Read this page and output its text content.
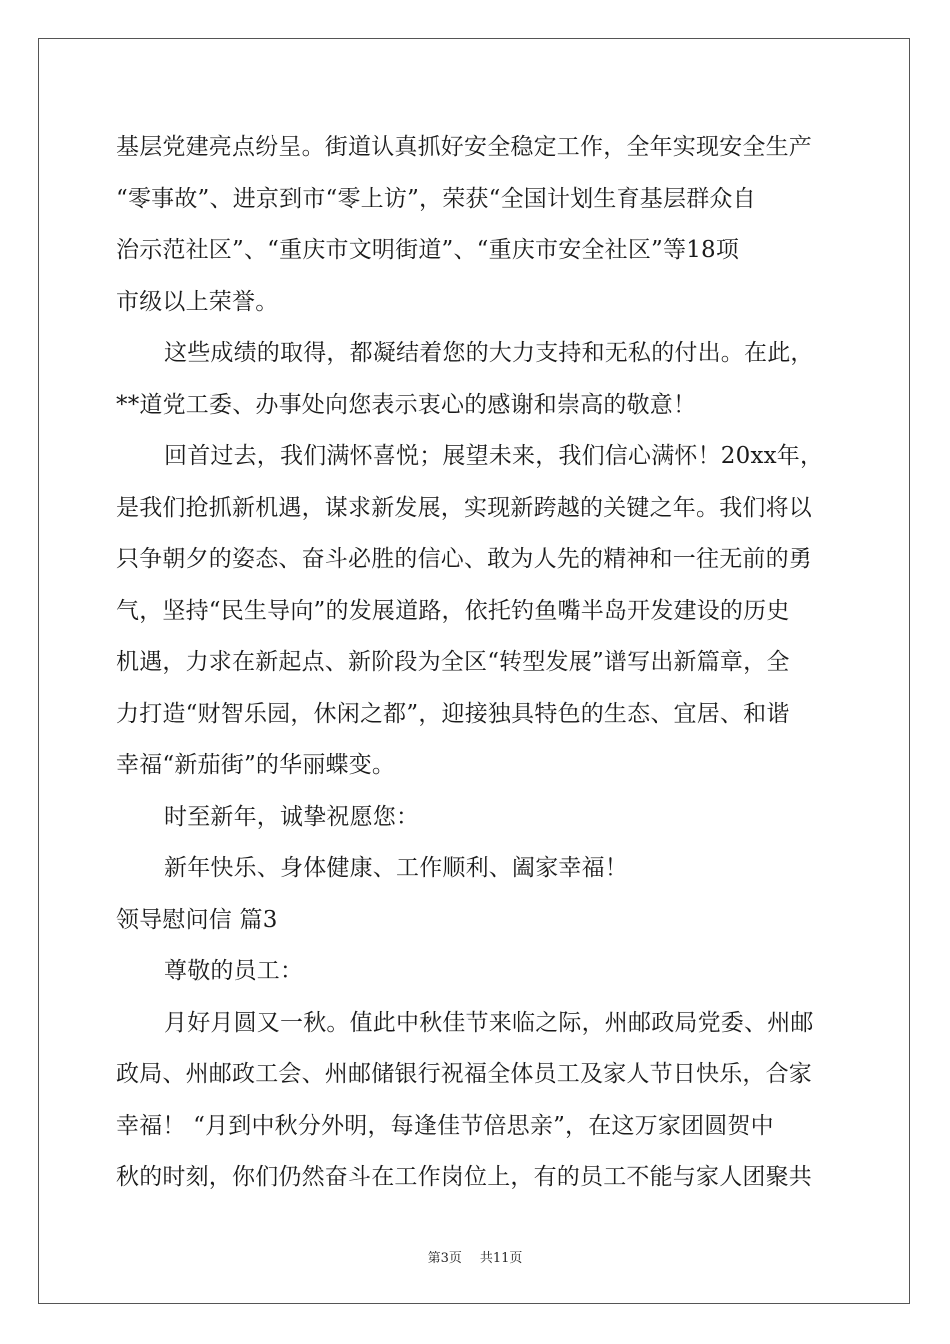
基层党建亮点纷呈。街道认真抓好安全稳定工作，全年实现安全生产
“零事故”、进京到市“零上访”，荣获“全国计划生育基层群众自
治示范社区”、“重庆市文明街道”、“重庆市安全社区”等18项
市级以上荣誉。
这些成绩的取得，都凝结着您的大力支持和无私的付出。在此，
**道党工委、办事处向您表示衷心的感谢和崇高的敬意！
回首过去，我们满怀喜悦；展望未来，我们信心满怀！20xx年，
是我们抢抓新机遇，谋求新发展，实现新跨越的关键之年。我们将以
只争朝夕的姿态、奋斗必胜的信心、敢为人先的精神和一往无前的勇
气，坚持“民生导向”的发展道路，依托钓鱼嘴半岛开发建设的历史
机遇，力求在新起点、新阶段为全区“转型发展”谱写出新篇章，全
力打造“财智乐园，休闲之都”，迎接独具特色的生态、宜居、和谐
幸福“新茄街”的华丽蝶变。
时至新年，诚挚祝愿您：
新年快乐、身体健康、工作顺利、阖家幸福！
领导慰问信 篇3
尊敬的员工：
月好月圆又一秋。值此中秋佳节来临之际，州邮政局党委、州邮
政局、州邮政工会、州邮储银行祝福全体员工及家人节日快乐，合家
幸福！ “月到中秋分外明，每逢佳节倍思亲”，在这万家团圆贺中
秋的时刻，你们仍然奋斗在工作岗位上，有的员工不能与家人团聚共
第3页 共11页
